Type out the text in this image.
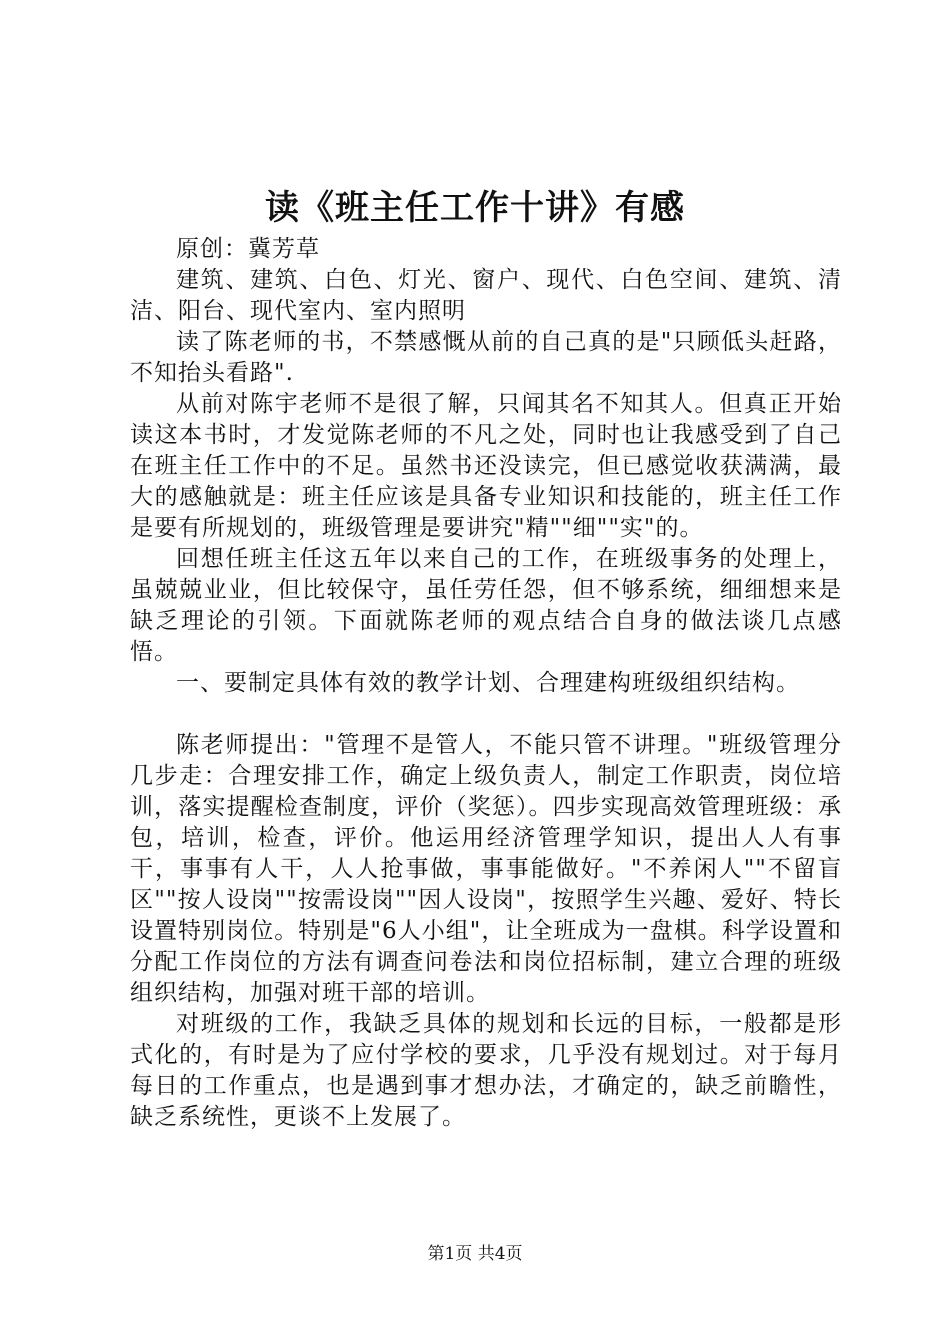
读《班主任工作十讲》有感

原创：冀芳草

建筑、建筑、白色、灯光、窗户、现代、白色空间、建筑、清洁、阳台、现代室内、室内照明

读了陈老师的书，不禁感慨从前的自己真的是"只顾低头赶路，不知抬头看路".

从前对陈宇老师不是很了解，只闻其名不知其人。但真正开始读这本书时，才发觉陈老师的不凡之处，同时也让我感受到了自己在班主任工作中的不足。虽然书还没读完，但已感觉收获满满，最大的感触就是：班主任应该是具备专业知识和技能的，班主任工作是要有所规划的，班级管理是要讲究"精""细""实"的。

回想任班主任这五年以来自己的工作，在班级事务的处理上，虽兢兢业业，但比较保守，虽任劳任怨，但不够系统，细细想来是缺乏理论的引领。下面就陈老师的观点结合自身的做法谈几点感悟。

一、要制定具体有效的教学计划、合理建构班级组织结构。

陈老师提出："管理不是管人，不能只管不讲理。"班级管理分几步走：合理安排工作，确定上级负责人，制定工作职责，岗位培训，落实提醒检查制度，评价（奖惩）。四步实现高效管理班级：承包，培训，检查，评价。他运用经济管理学知识，提出人人有事干，事事有人干，人人抢事做，事事能做好。"不养闲人""不留盲区""按人设岗""按需设岗""因人设岗"，按照学生兴趣、爱好、特长设置特别岗位。特别是"6人小组"，让全班成为一盘棋。科学设置和分配工作岗位的方法有调查问卷法和岗位招标制，建立合理的班级组织结构，加强对班干部的培训。

对班级的工作，我缺乏具体的规划和长远的目标，一般都是形式化的，有时是为了应付学校的要求，几乎没有规划过。对于每月每日的工作重点，也是遇到事才想办法，才确定的，缺乏前瞻性，缺乏系统性，更谈不上发展了。

第1页 共4页
